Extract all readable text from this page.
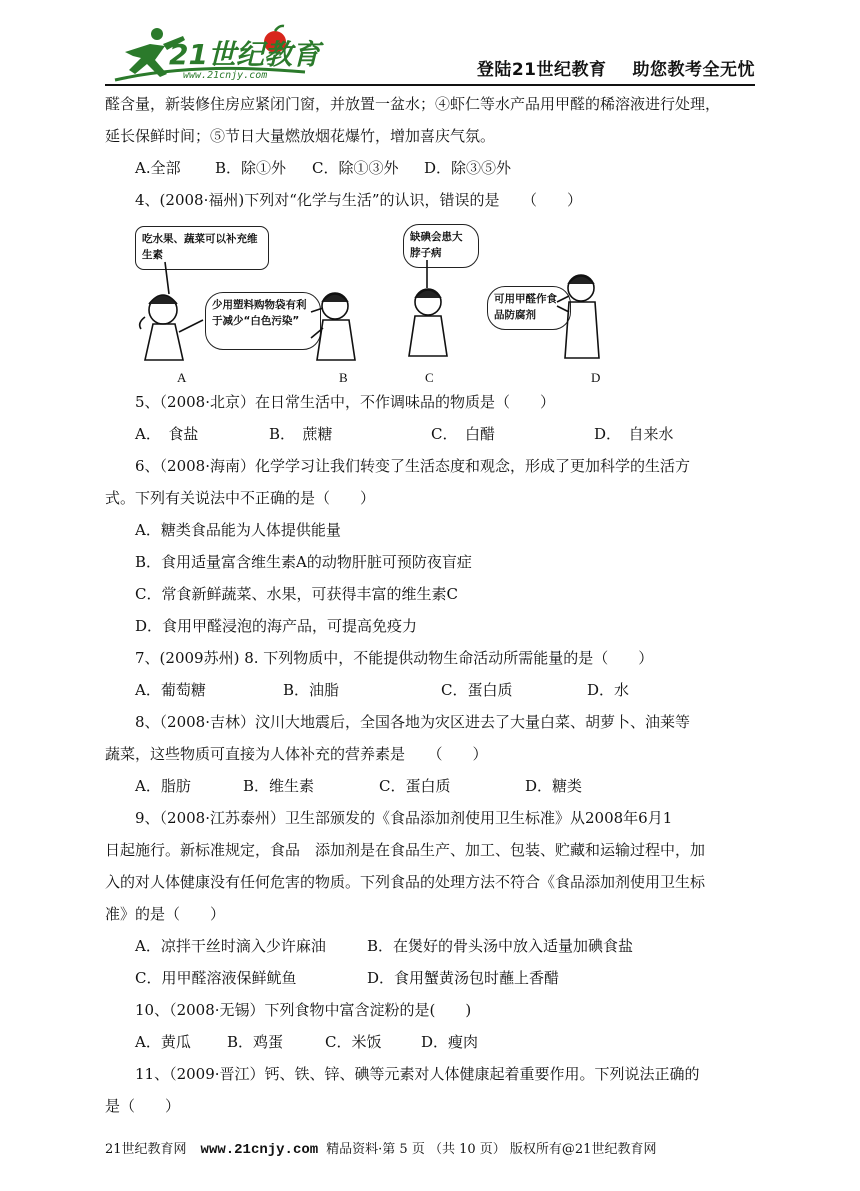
21世纪教育
www.21cnjy.com	登陆21世纪教育 助您教考全无忧

醛含量，新装修住房应紧闭门窗，并放置一盆水；④虾仁等水产品用甲醛的稀溶液进行处理，

延长保鲜时间；⑤节日大量燃放烟花爆竹，增加喜庆气氛。

A.全部 B．除①外 C．除①③外 D．除③⑤外

4、(2008·福州)下列对“化学与生活”的认识，错误的是　　（　　）

吃水果、蔬菜可以补充维生素
少用塑料购物袋有利于减少“白色污染”
缺碘会患大脖子病
可用甲醛作食品防腐剂
A	B	C	D

5、（2008·北京）在日常生活中，不作调味品的物质是（　　）

A．　食盐	B．　蔗糖	C．　白醋	D．　自来水

6、（2008·海南）化学学习让我们转变了生活态度和观念，形成了更加科学的生活方

式。下列有关说法中不正确的是（　　）

A．糖类食品能为人体提供能量

B．食用适量富含维生素A的动物肝脏可预防夜盲症

C．常食新鲜蔬菜、水果，可获得丰富的维生素C

D．食用甲醛浸泡的海产品，可提高免疫力

7、(2009苏州) 8. 下列物质中，不能提供动物生命活动所需能量的是（　　）

A．葡萄糖	B．油脂	C．蛋白质	D．水

8、（2008·吉林）汶川大地震后，全国各地为灾区进去了大量白菜、胡萝卜、油莱等

蔬菜，这些物质可直接为人体补充的营养素是　　（　　）

A．脂肪	B．维生素	C．蛋白质	D．糖类

9、（2008·江苏泰州）卫生部颁发的《食品添加剂使用卫生标准》从2008年6月1

日起施行。新标准规定，食品　添加剂是在食品生产、加工、包装、贮藏和运输过程中，加

入的对人体健康没有任何危害的物质。下列食品的处理方法不符合《食品添加剂使用卫生标

准》的是（　　）

A．凉拌干丝时滴入少许麻油	B．在煲好的骨头汤中放入适量加碘食盐

C．用甲醛溶液保鲜鱿鱼	D．食用蟹黄汤包时蘸上香醋

10、（2008·无锡）下列食物中富含淀粉的是(　　)

A．黄瓜 B．鸡蛋	C．米饭	D．瘦肉

11、（2009·晋江）钙、铁、锌、碘等元素对人体健康起着重要作用。下列说法正确的

是（　　）

21世纪教育网 www.21cnjy.com 精品资料·第 5 页 （共 10 页） 版权所有@21世纪教育网
